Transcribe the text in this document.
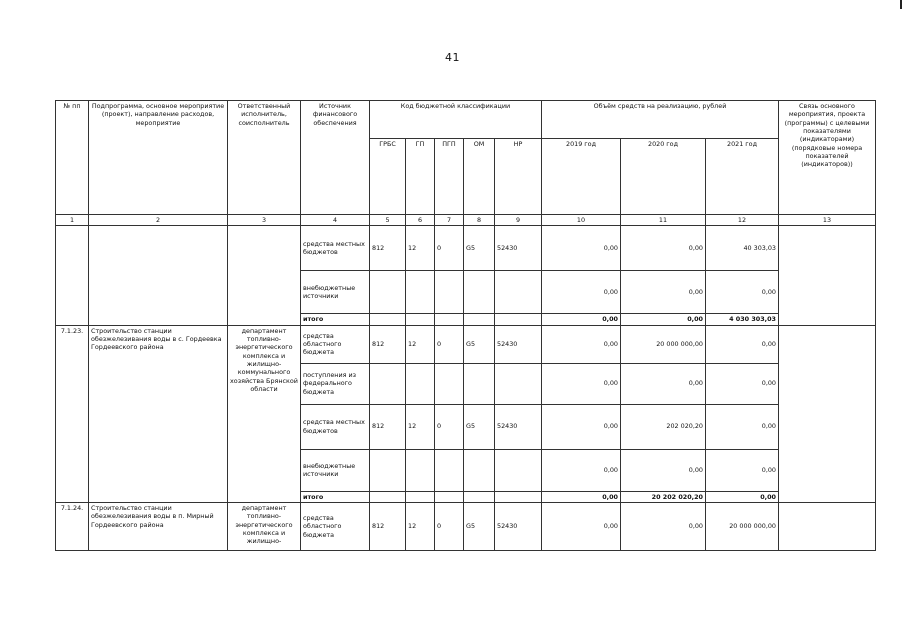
41
№ пп	Подпрограмма, основное мероприятие (проект), направление расходов, мероприятие	Ответственный исполнитель, соисполнитель	Источник финансового обеспечения	Код бюджетной классификации					Объём средств на реализацию, рублей			Связь основного мероприятия, проекта (программы) с целевыми показателями (индикаторами) (порядковые номера показателей (индикаторов))
				ГРБС	ГП	ПГП	ОМ	НР	2019 год	2020 год	2021 год	
1	2	3	4	5	6	7	8	9	10	11	12	13
			средства местных бюджетов	812	12	0	G5	52430	0,00	0,00	40 303,03	
			внебюджетные источники						0,00	0,00	0,00	
			итого						0,00	0,00	4 030 303,03	
7.1.23.	Строительство станции обезжелезивания воды в с. Гордеевка Гордеевского района	департамент топливно-энергетического комплекса и жилищно-коммунального хозяйства Брянской области	средства областного бюджета	812	12	0	G5	52430	0,00	20 000 000,00	0,00	
			поступления из федерального бюджета						0,00	0,00	0,00	
			средства местных бюджетов	812	12	0	G5	52430	0,00	202 020,20	0,00	
			внебюджетные источники						0,00	0,00	0,00	
			итого						0,00	20 202 020,20	0,00	
7.1.24.	Строительство станции обезжелезивания воды в п. Мирный Гордеевского района	департамент топливно-энергетического комплекса и жилищно-	средства областного бюджета	812	12	0	G5	52430	0,00	0,00	20 000 000,00	
